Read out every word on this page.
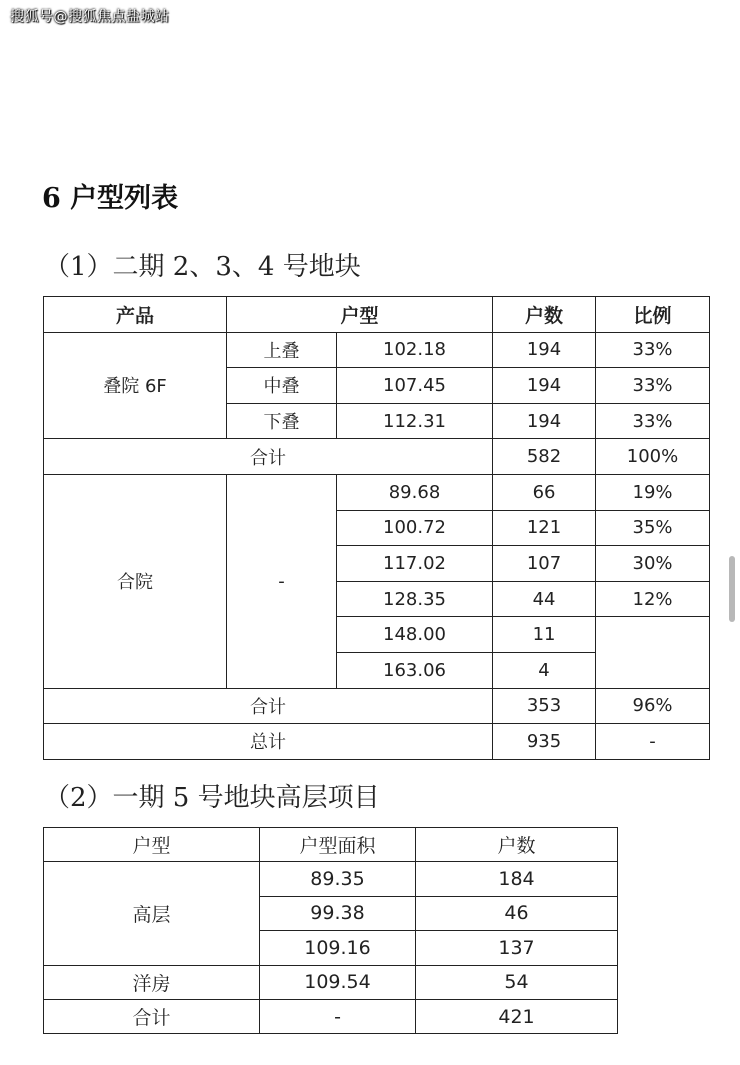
搜狐号@搜狐焦点盐城站
6 户型列表
（1）二期 2、3、4 号地块
产品	户型		户数	比例
叠院 6F	上叠	102.18	194	33%
	中叠	107.45	194	33%
	下叠	112.31	194	33%
合计			582	100%
合院	-	89.68	66	19%
		100.72	121	35%
		117.02	107	30%
		128.35	44	12%
		148.00	11	
		163.06	4	
合计			353	96%
总计			935	-
（2）一期 5 号地块高层项目
户型	户型面积	户数
高层	89.35	184
	99.38	46
	109.16	137
洋房	109.54	54
合计	-	421
